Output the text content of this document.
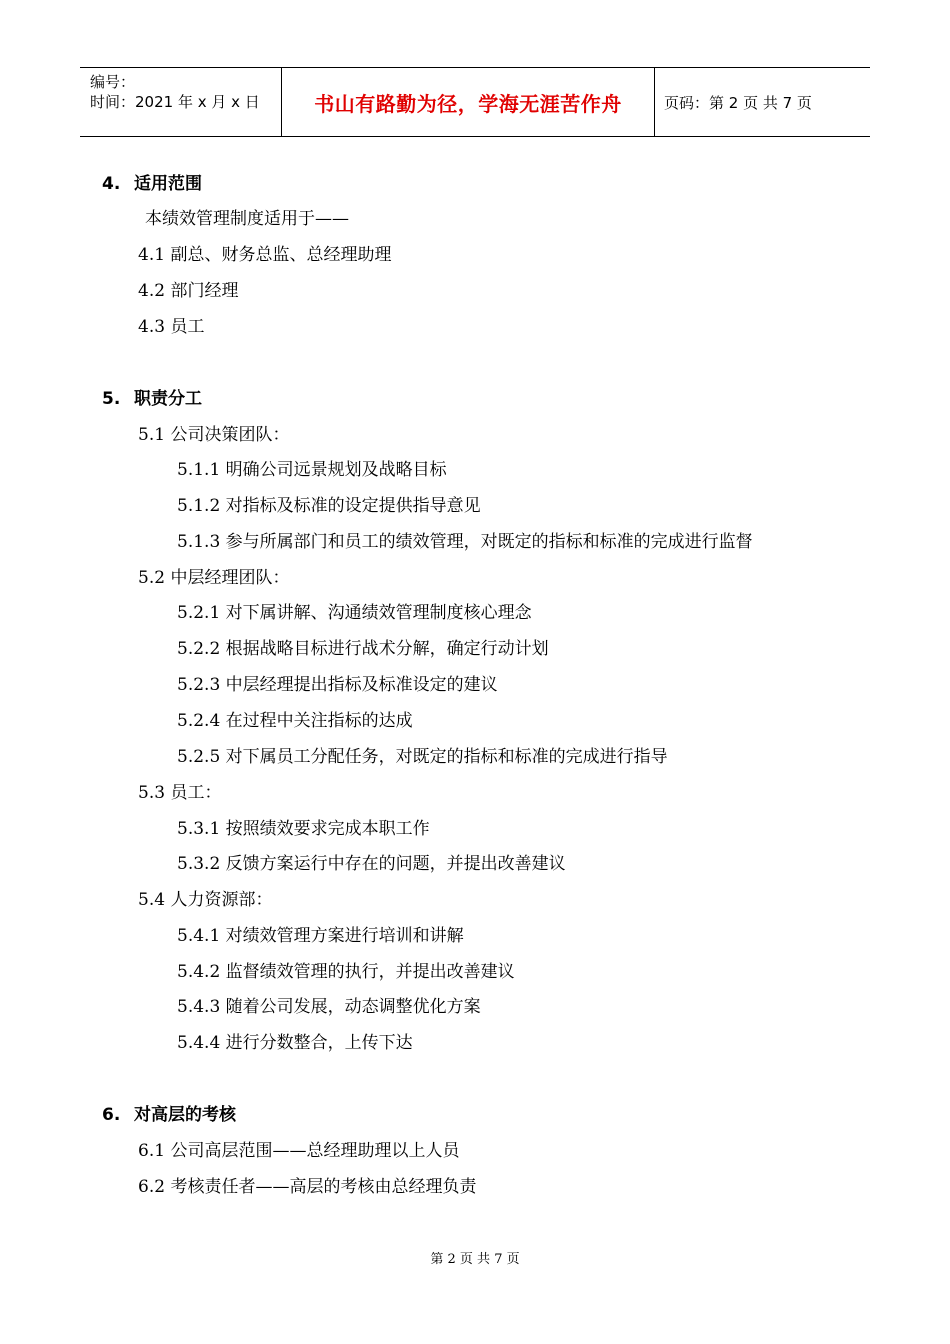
编号：
时间：2021 年 x 月 x 日	书山有路勤为径，学海无涯苦作舟	页码：第 2 页 共 7 页
4. 适用范围
本绩效管理制度适用于——
4.1 副总、财务总监、总经理助理
4.2 部门经理
4.3 员工
5. 职责分工
5.1 公司决策团队：
5.1.1 明确公司远景规划及战略目标
5.1.2 对指标及标准的设定提供指导意见
5.1.3 参与所属部门和员工的绩效管理，对既定的指标和标准的完成进行监督
5.2 中层经理团队：
5.2.1 对下属讲解、沟通绩效管理制度核心理念
5.2.2 根据战略目标进行战术分解，确定行动计划
5.2.3 中层经理提出指标及标准设定的建议
5.2.4 在过程中关注指标的达成
5.2.5 对下属员工分配任务，对既定的指标和标准的完成进行指导
5.3 员工：
5.3.1 按照绩效要求完成本职工作
5.3.2 反馈方案运行中存在的问题，并提出改善建议
5.4 人力资源部：
5.4.1 对绩效管理方案进行培训和讲解
5.4.2 监督绩效管理的执行，并提出改善建议
5.4.3 随着公司发展，动态调整优化方案
5.4.4 进行分数整合，上传下达
6. 对高层的考核
6.1 公司高层范围——总经理助理以上人员
6.2 考核责任者——高层的考核由总经理负责
第 2 页 共 7 页
